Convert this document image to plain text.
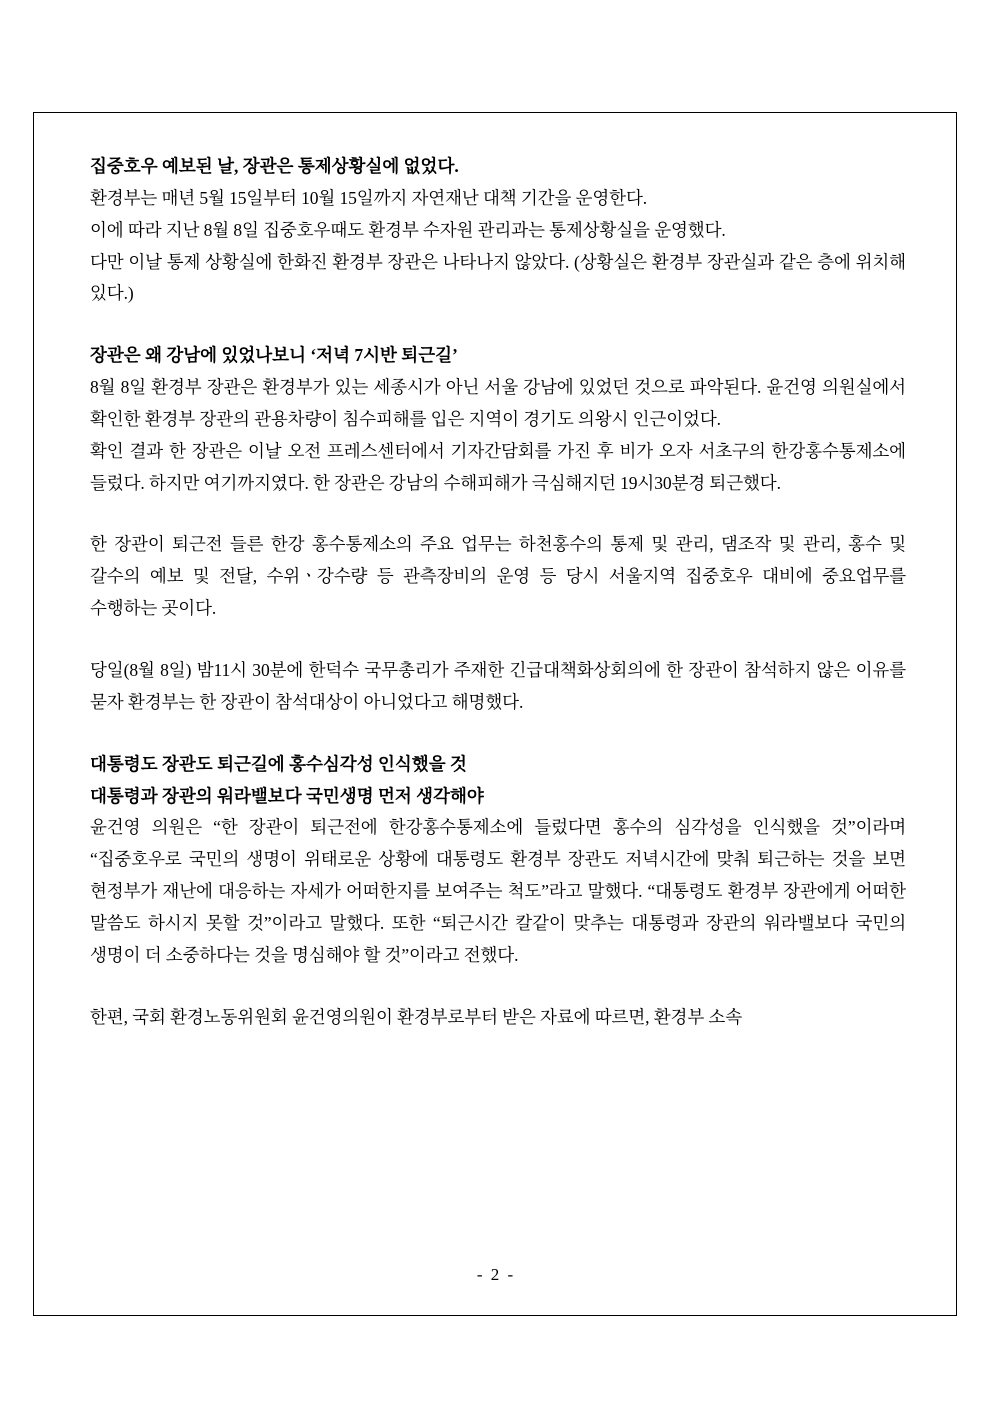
집중호우 예보된 날, 장관은 통제상황실에 없었다.

환경부는 매년 5월 15일부터 10월 15일까지 자연재난 대책 기간을 운영한다.

이에 따라 지난 8월 8일 집중호우때도 환경부 수자원 관리과는 통제상황실을 운영했다.

다만 이날 통제 상황실에 한화진 환경부 장관은 나타나지 않았다. (상황실은 환경부 장관실과 같은 층에 위치해 있다.)

장관은 왜 강남에 있었나보니 ‘저녁 7시반 퇴근길’

8월 8일 환경부 장관은 환경부가 있는 세종시가 아닌 서울 강남에 있었던 것으로 파악된다. 윤건영 의원실에서 확인한 환경부 장관의 관용차량이 침수피해를 입은 지역이 경기도 의왕시 인근이었다.

확인 결과 한 장관은 이날 오전 프레스센터에서 기자간담회를 가진 후 비가 오자 서초구의 한강홍수통제소에 들렀다. 하지만 여기까지였다. 한 장관은 강남의 수해피해가 극심해지던 19시30분경 퇴근했다.

한 장관이 퇴근전 들른 한강 홍수통제소의 주요 업무는 하천홍수의 통제 및 관리, 댐조작 및 관리, 홍수 및 갈수의 예보 및 전달, 수위ㆍ강수량 등 관측장비의 운영 등 당시 서울지역 집중호우 대비에 중요업무를 수행하는 곳이다.

당일(8월 8일) 밤11시 30분에 한덕수 국무총리가 주재한 긴급대책화상회의에 한 장관이 참석하지 않은 이유를 묻자 환경부는 한 장관이 참석대상이 아니었다고 해명했다.

대통령도 장관도 퇴근길에 홍수심각성 인식했을 것

대통령과 장관의 워라밸보다 국민생명 먼저 생각해야

윤건영 의원은 “한 장관이 퇴근전에 한강홍수통제소에 들렀다면 홍수의 심각성을 인식했을 것”이라며 “집중호우로 국민의 생명이 위태로운 상황에 대통령도 환경부 장관도 저녁시간에 맞춰 퇴근하는 것을 보면 현정부가 재난에 대응하는 자세가 어떠한지를 보여주는 척도”라고 말했다. “대통령도 환경부 장관에게 어떠한 말씀도 하시지 못할 것”이라고 말했다. 또한 “퇴근시간 칼같이 맞추는 대통령과 장관의 워라밸보다 국민의 생명이 더 소중하다는 것을 명심해야 할 것”이라고 전했다.

한편, 국회 환경노동위원회 윤건영의원이 환경부로부터 받은 자료에 따르면, 환경부 소속

- 2 -
